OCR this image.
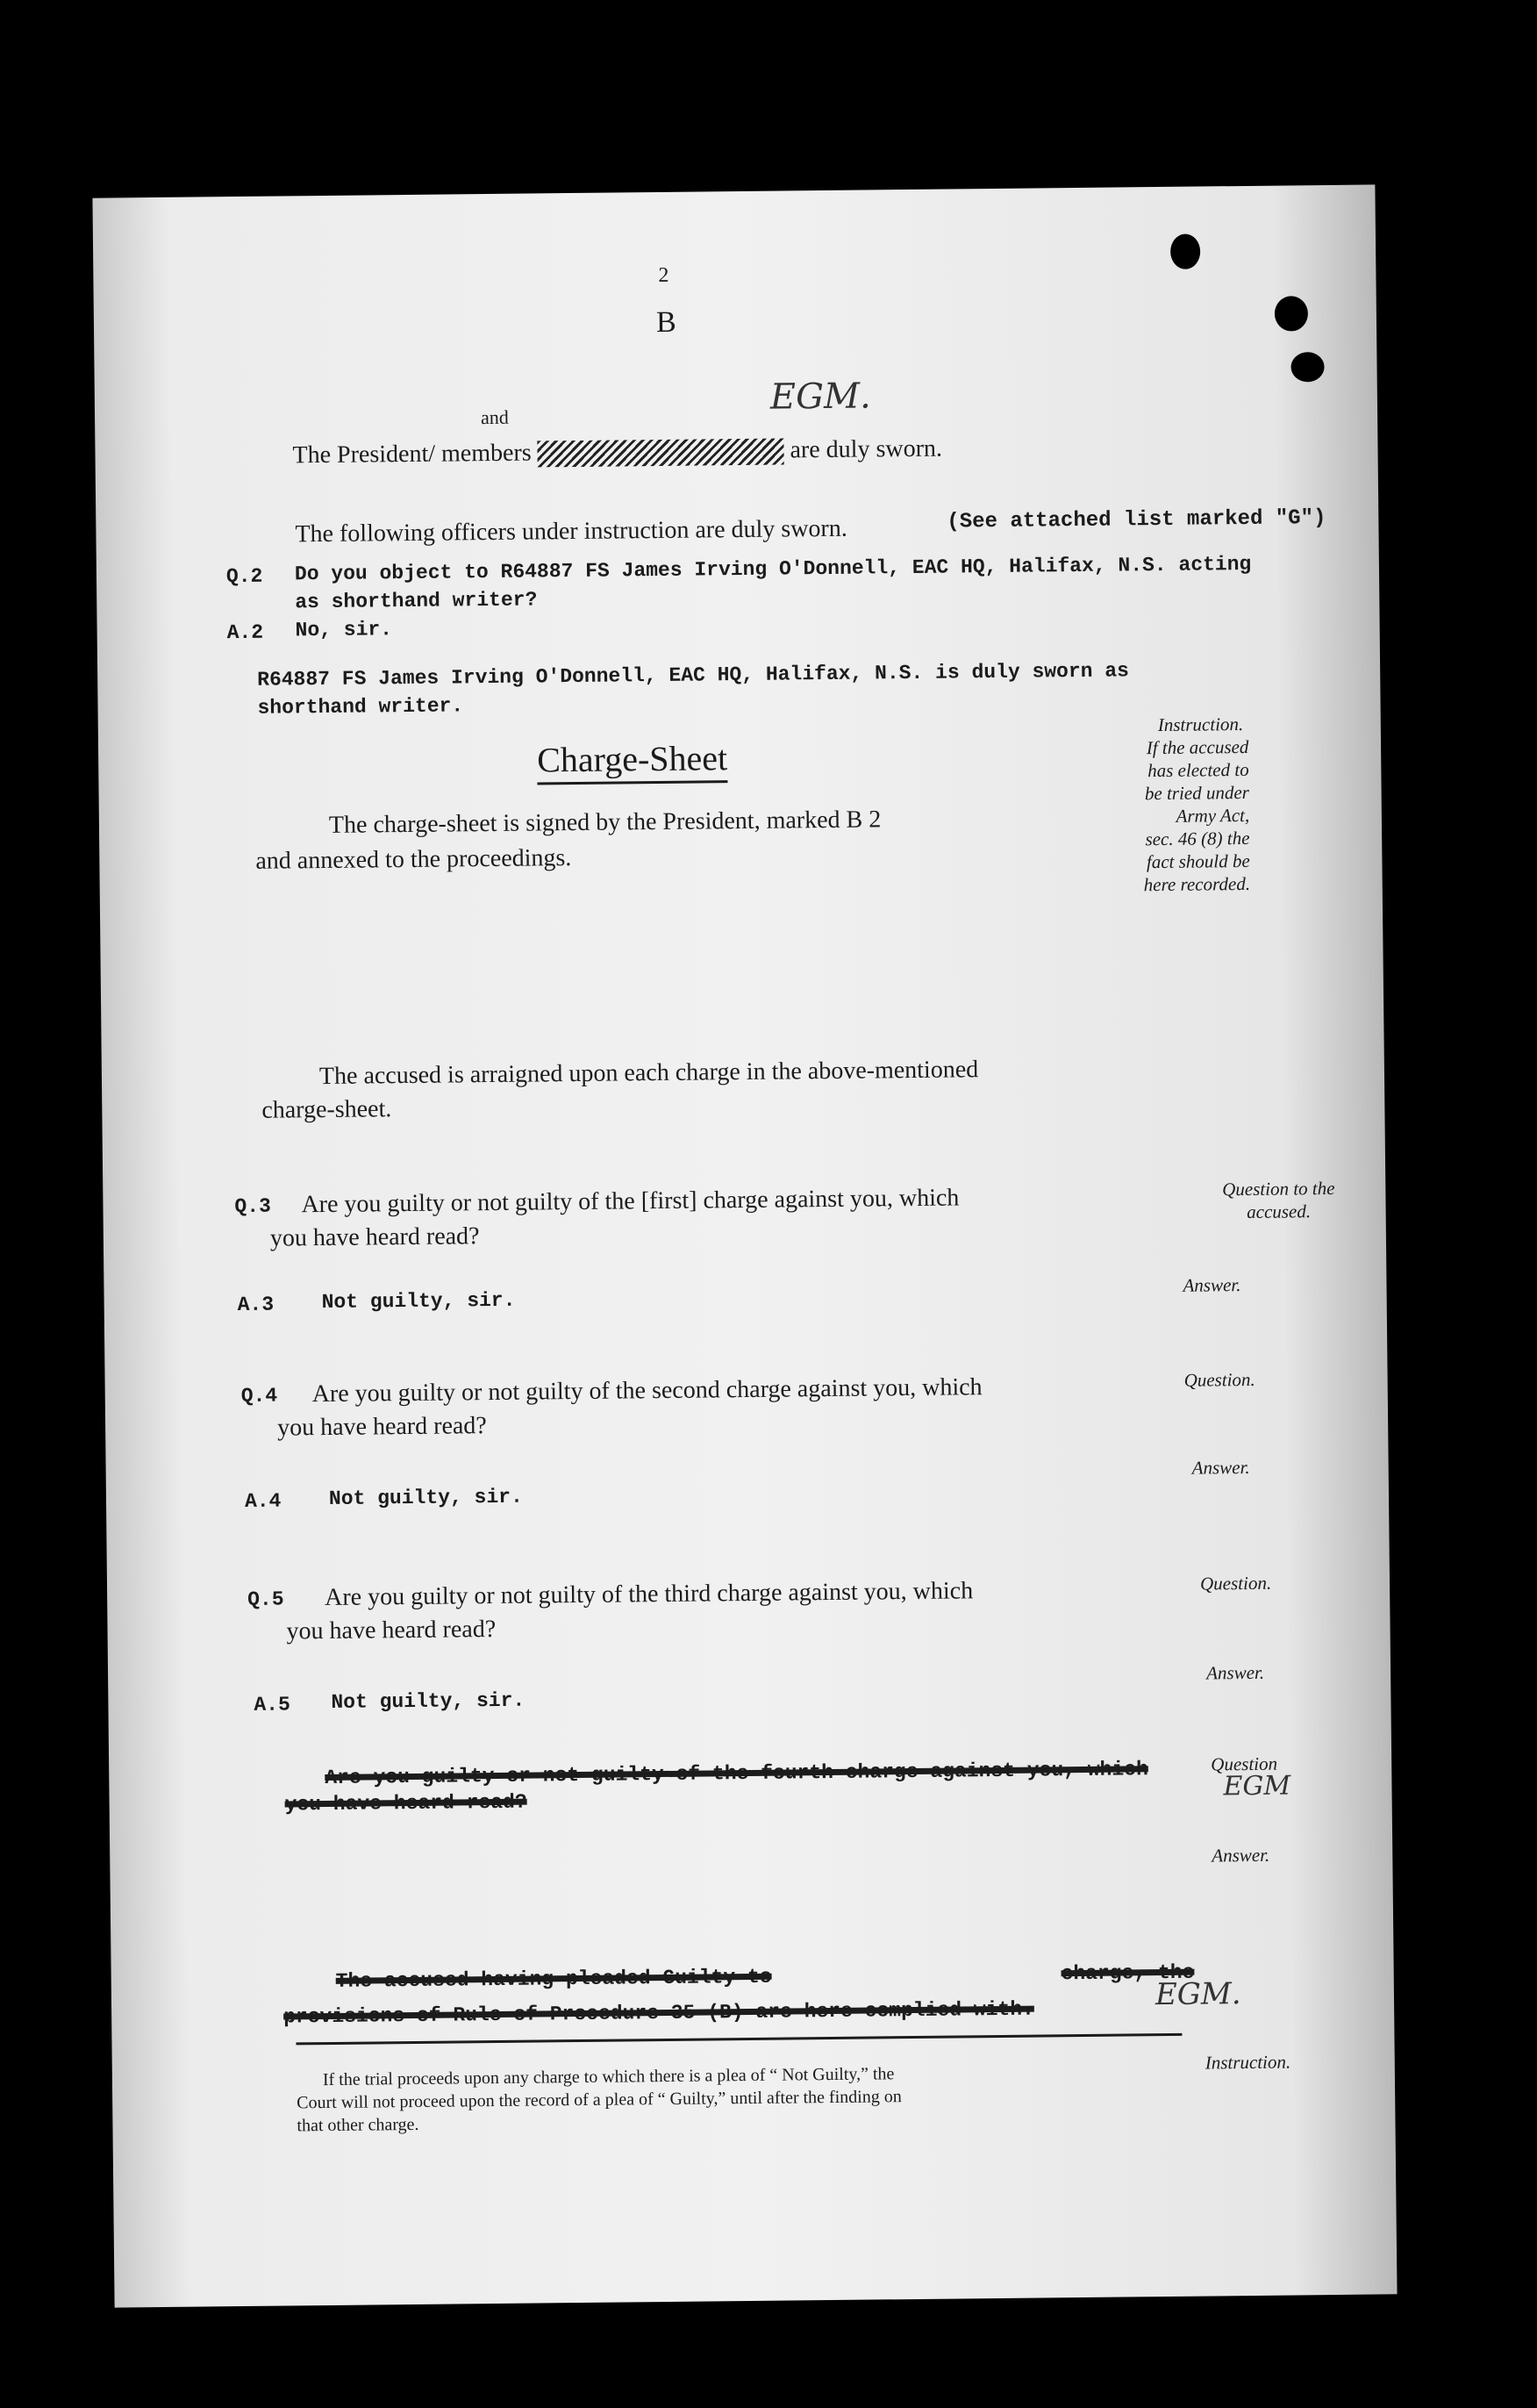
2
B
and	EGM.
The President/ members	are duly sworn.
The following officers under instruction are duly sworn.	(See attached list marked "G")
Q.2 Do you object to R64887 FS James Irving O'Donnell, EAC HQ, Halifax, N.S. acting
as shorthand writer?
A.2 No, sir.
R64887 FS James Irving O'Donnell, EAC HQ, Halifax, N.S. is duly sworn as
shorthand writer.
Charge-Sheet
The charge-sheet is signed by the President, marked B 2
and annexed to the proceedings.
Instruction.
If the accused
has elected to
be tried under
Army Act,
sec. 46 (8) the
fact should be
here recorded.
The accused is arraigned upon each charge in the above-mentioned
charge-sheet.
Q.3 Are you guilty or not guilty of the [first] charge against you, which
you have heard read?
Question to the accused.
A.3 Not guilty, sir.
Answer.
Q.4 Are you guilty or not guilty of the second charge against you, which
you have heard read?
Question.
A.4 Not guilty, sir.
Answer.
Q.5 Are you guilty or not guilty of the third charge against you, which
you have heard read?
Question.
Answer.
A.5 Not guilty, sir.
Are you guilty or not guilty of the fourth charge against you, which
you have heard read?
Question
EGM
Answer.
The accused having pleaded Guilty to	charge, the
provisions of Rule of Procedure 35 (B) are here complied with.
EGM.
If the trial proceeds upon any charge to which there is a plea of “ Not Guilty,” the
Court will not proceed upon the record of a plea of “ Guilty,” until after the finding on
that other charge.
Instruction.
